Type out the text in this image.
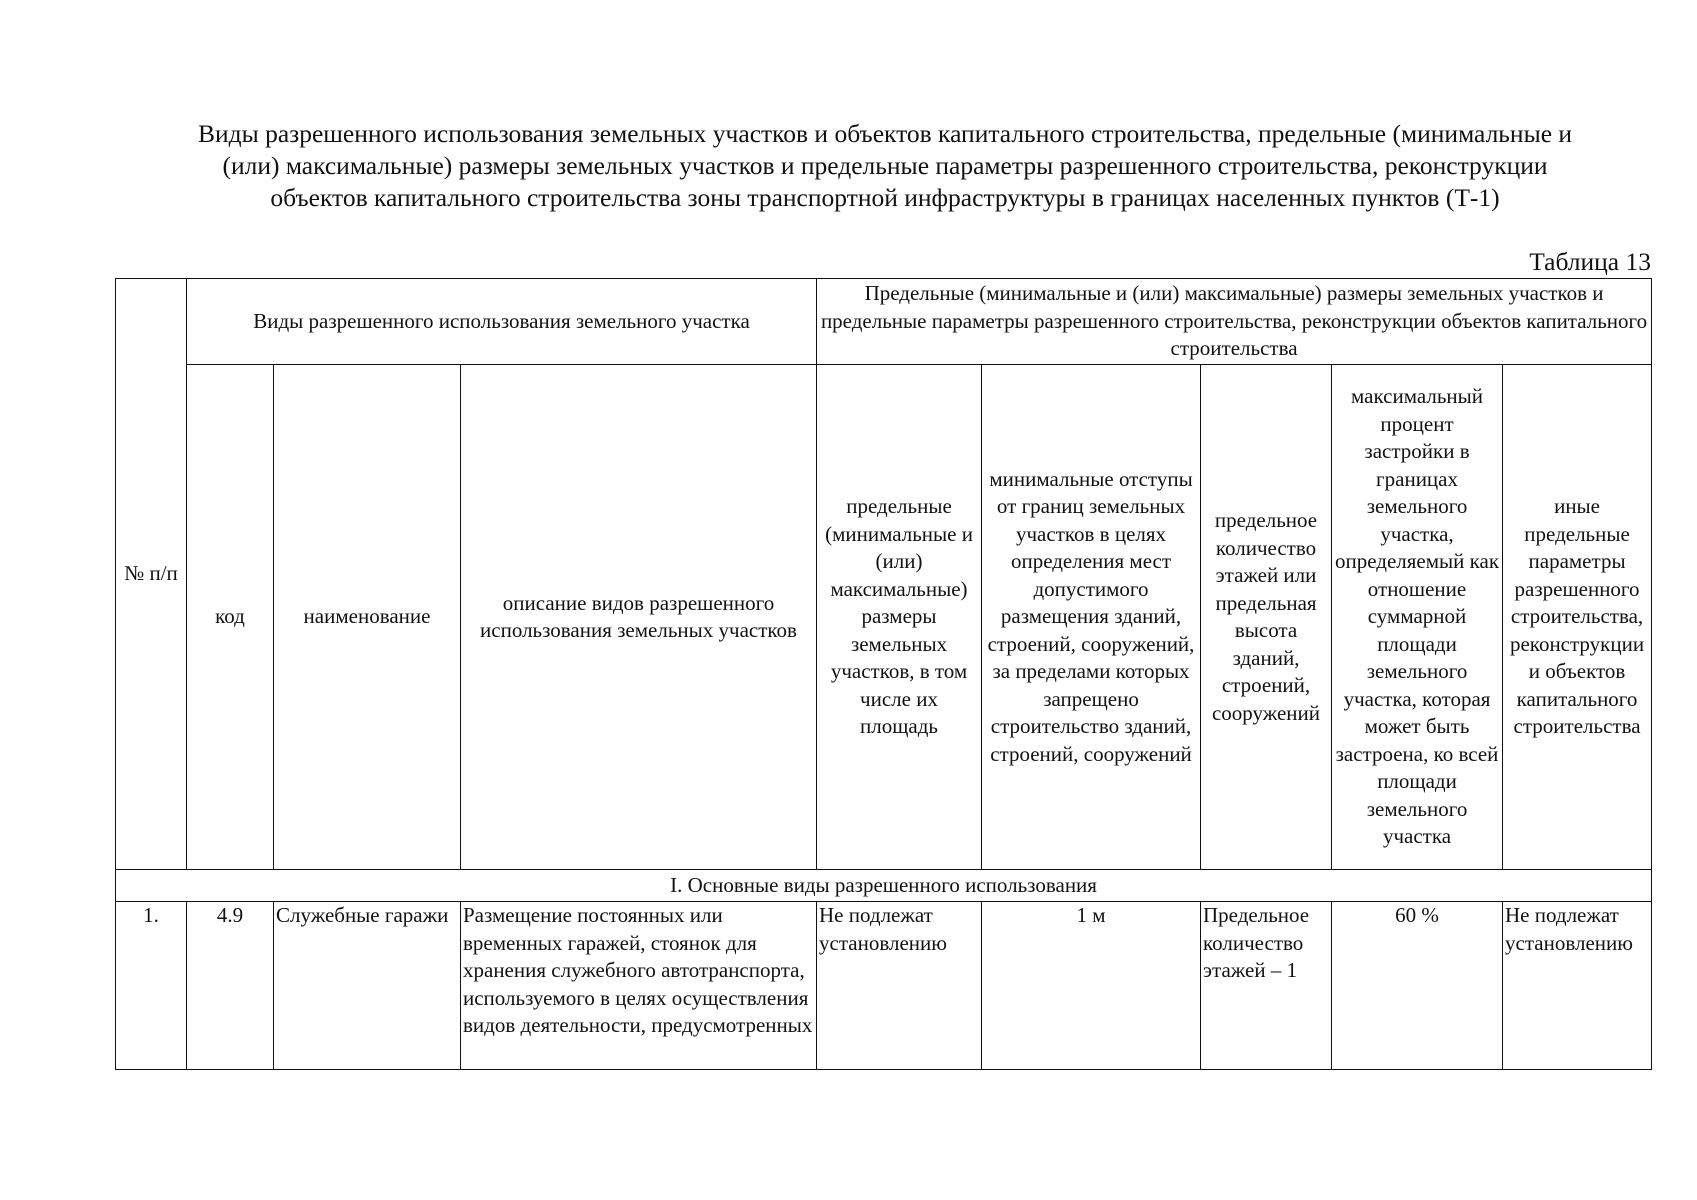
Виды разрешенного использования земельных участков и объектов капитального строительства, предельные (минимальные и
(или) максимальные) размеры земельных участков и предельные параметры разрешенного строительства, реконструкции
объектов капитального строительства зоны транспортной инфраструктуры в границах населенных пунктов (Т-1)
Таблица 13
№ п/п	Виды разрешенного использования земельного участка			Предельные (минимальные и (или) максимальные) размеры земельных участков и предельные параметры разрешенного строительства, реконструкции объектов капитального строительства				
	код	наименование	описание видов разрешенного использования земельных участков	предельные (минимальные и (или) максимальные) размеры земельных участков, в том числе их площадь	минимальные отступы от границ земельных участков в целях определения мест допустимого размещения зданий, строений, сооружений, за пределами которых запрещено строительство зданий, строений, сооружений	предельное количество этажей или предельная высота зданий, строений, сооружений	максимальный процент застройки в границах земельного участка, определяемый как отношение суммарной площади земельного участка, которая может быть застроена, ко всей площади земельного участка	иные предельные параметры разрешенного строительства, реконструкции и объектов капитального строительства
I. Основные виды разрешенного использования								
1.	4.9	Служебные гаражи	Размещение постоянных или временных гаражей, стоянок для хранения служебного автотранспорта, используемого в целях осуществления видов деятельности, предусмотренных	Не подлежат установлению	1 м	Предельное количество этажей – 1	60 %	Не подлежат установлению
